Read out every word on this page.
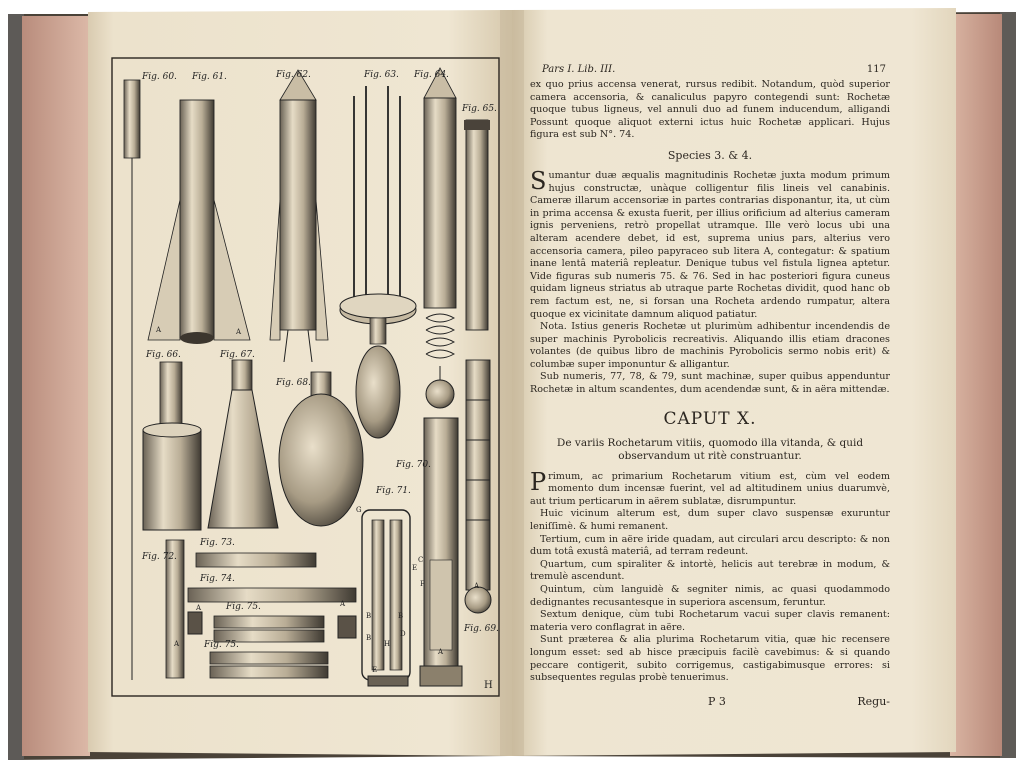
Fig. 60. Fig. 61.	Fig. 62.	Fig. 63. Fig. 64.
Fig. 65.
Fig. 66.	Fig. 67.
Fig. 68.
Fig. 69.
Fig. 70.
Fig. 71.
Fig. 72.
Fig. 73.
Fig. 74.
Fig. 75.
Fig. 75.
H
A	A
A
A
A
A
A
B
B
B
D
H
E
G
E
C
F
Pars I. Lib. III.	117

ex quo prius accensa venerat, rursus redibit. Notandum, quòd superior camera accensoria, & canaliculus papyro contegendi sunt: Rochetæ quoque tubus ligneus, vel annuli duo ad funem inducendum, alligandi Possunt quoque aliquot externi ictus huic Rochetæ applicari. Hujus figura est sub N°. 74.

Species 3. & 4.

Sumantur duæ æqualis magnitudinis Rochetæ juxta modum primum hujus constructæ, unàque colligentur filis lineis vel canabinis. Cameræ illarum accensoriæ in partes contrarias disponantur, ita, ut cùm in prima accensa & exusta fuerit, per illius orificium ad alterius cameram ignis perveniens, retrò propellat utramque. Ille verò locus ubi una alteram acendere debet, id est, suprema unius pars, alterius vero accensoria camera, pileo papyraceo sub litera A, contegatur: & spatium inane lentâ materiâ repleatur. Denique tubus vel fistula lignea aptetur. Vide figuras sub numeris 75. & 76. Sed in hac posteriori figura cuneus quidam ligneus striatus ab utraque parte Rochetas dividit, quod hanc ob rem factum est, ne, si forsan una Rocheta ardendo rumpatur, altera quoque ex vicinitate damnum aliquod patiatur.

Nota. Istius generis Rochetæ ut plurimùm adhibentur incendendis de super machinis Pyrobolicis recreativis. Aliquando illis etiam dracones volantes (de quibus libro de machinis Pyrobolicis sermo nobis erit) & columbæ super imponuntur & alligantur.

Sub numeris, 77, 78, & 79, sunt machinæ, super quibus appenduntur Rochetæ in altum scandentes, dum acendendæ sunt, & in aëra mittendæ.

CAPUT X.

De variis Rochetarum vitiis, quomodo illa vitanda, & quid observandum ut ritè construantur.

Primum, ac primarium Rochetarum vitium est, cùm vel eodem momento dum incensæ fuerint, vel ad altitudinem unius duarumvè, aut trium perticarum in aërem sublatæ, disrumpuntur.

Huic vicinum alterum est, dum super clavo suspensæ exuruntur leniſſimè. & humi remanent.

Tertium, cum in aëre iride quadam, aut circulari arcu descripto: & non dum totâ exustâ materiâ, ad terram redeunt.

Quartum, cum spiraliter & intortè, helicis aut terebræ in modum, & tremulè ascendunt.

Quintum, cùm languidè & segniter nimis, ac quasi quodammodo dedignantes recusantesque in superiora ascensum, feruntur.

Sextum denique, cùm tubi Rochetarum vacui super clavis remanent: materia vero conflagrat in aëre.

Sunt præterea & alia plurima Rochetarum vitia, quæ hic recensere longum esset: sed ab hisce præcipuis facilè cavebimus: & si quando peccare contigerit, subito corrigemus, castigabimusque errores: si subsequentes regulas probè tenuerimus.

P 3	Regu-
